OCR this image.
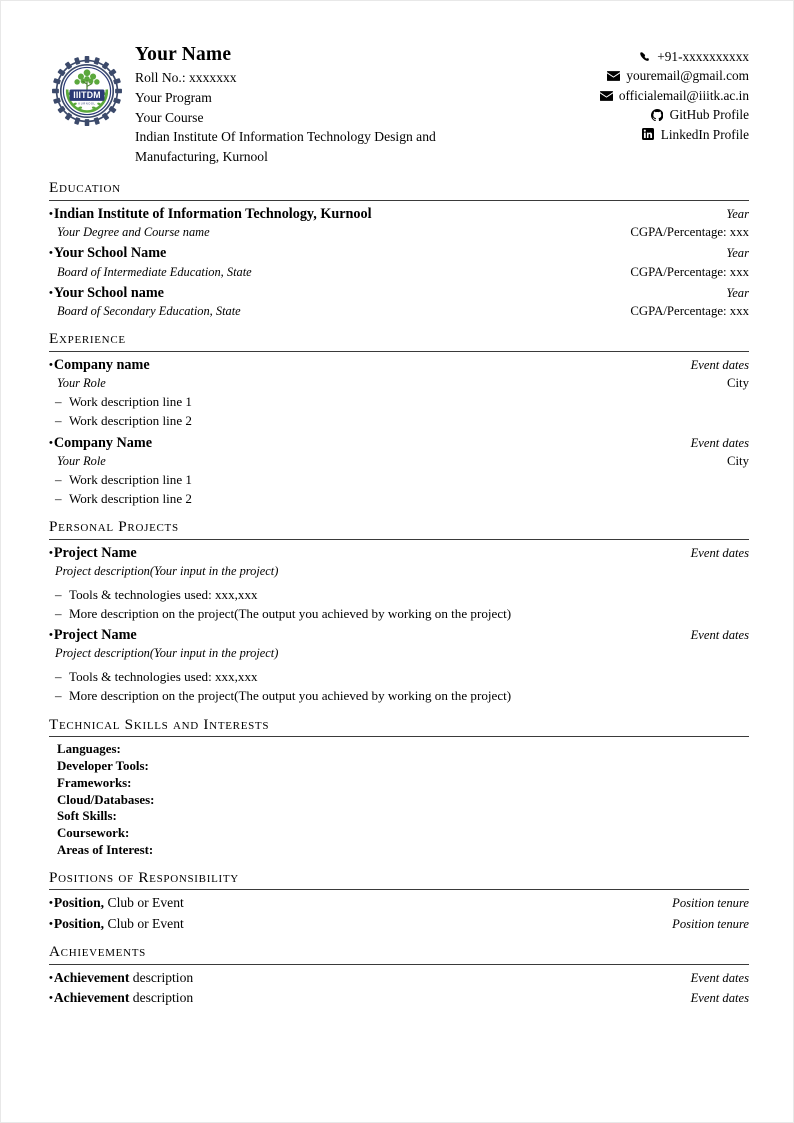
IIITDM
KURNOOL
Your Name
Roll No.: xxxxxxx
Your Program
Your Course
Indian Institute Of Information Technology Design and Manufacturing, Kurnool
+91-xxxxxxxxxx
youremail@gmail.com
officialemail@iiitk.ac.in
GitHub Profile
LinkedIn Profile
Education
• Indian Institute of Information Technology, Kurnool	Year
Your Degree and Course name	CGPA/Percentage: xxx
• Your School Name	Year
Board of Intermediate Education, State	CGPA/Percentage: xxx
• Your School name	Year
Board of Secondary Education, State	CGPA/Percentage: xxx
Experience
• Company name	Event dates
Your Role	City
– Work description line 1
– Work description line 2
• Company Name	Event dates
Your Role	City
– Work description line 1
– Work description line 2
Personal Projects
• Project Name	Event dates
Project description(Your input in the project)
– Tools & technologies used: xxx,xxx
– More description on the project(The output you achieved by working on the project)
• Project Name	Event dates
Project description(Your input in the project)
– Tools & technologies used: xxx,xxx
– More description on the project(The output you achieved by working on the project)
Technical Skills and Interests
Languages:
Developer Tools:
Frameworks:
Cloud/Databases:
Soft Skills:
Coursework:
Areas of Interest:
Positions of Responsibility
• Position, Club or Event	Position tenure
• Position, Club or Event	Position tenure
Achievements
• Achievement description	Event dates
• Achievement description	Event dates
